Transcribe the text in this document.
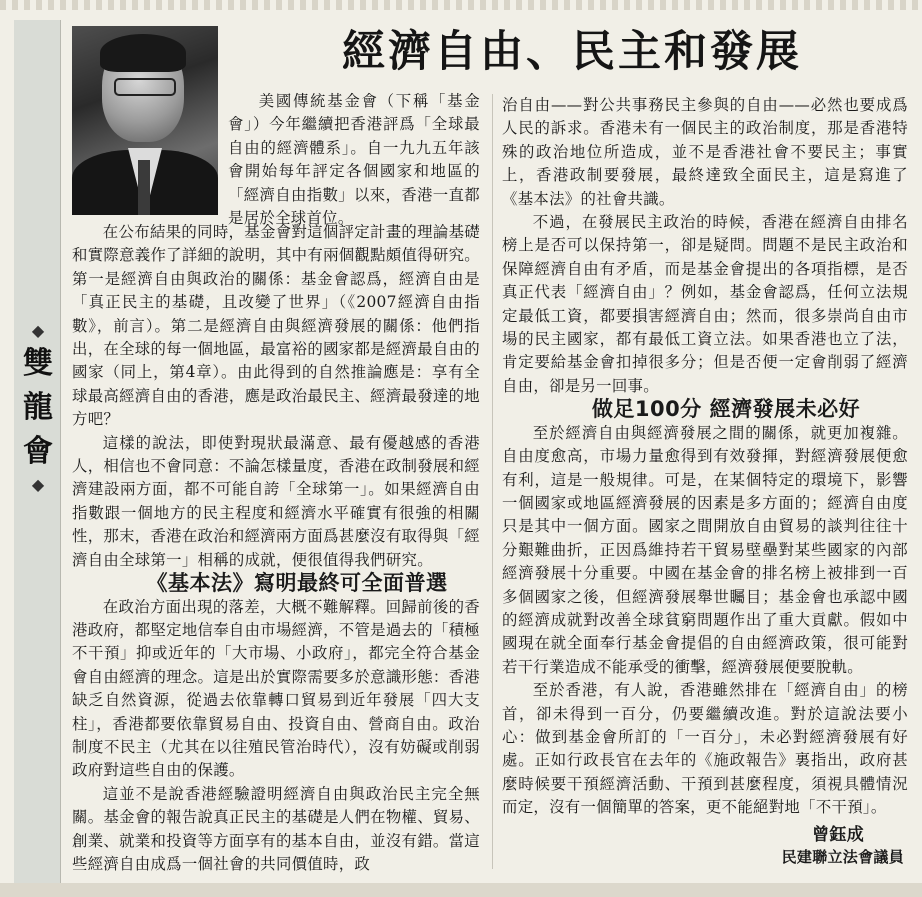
◆
雙
龍
會
◆
經濟自由、民主和發展

美國傳統基金會（下稱「基金會」）今年繼續把香港評爲「全球最自由的經濟體系」。自一九九五年該會開始每年評定各個國家和地區的「經濟自由指數」以來，香港一直都是居於全球首位。

在公布結果的同時，基金會對這個評定計畫的理論基礎和實際意義作了詳細的說明，其中有兩個觀點頗值得研究。第一是經濟自由與政治的關係：基金會認爲，經濟自由是「真正民主的基礎，且改變了世界」（《2007經濟自由指數》，前言）。第二是經濟自由與經濟發展的關係：他們指出，在全球的每一個地區，最富裕的國家都是經濟最自由的國家（同上，第4章）。由此得到的自然推論應是：享有全球最高經濟自由的香港，應是政治最民主、經濟最發達的地方吧？

這樣的說法，即使對現狀最滿意、最有優越感的香港人，相信也不會同意：不論怎樣量度，香港在政制發展和經濟建設兩方面，都不可能自誇「全球第一」。如果經濟自由指數跟一個地方的民主程度和經濟水平確實有很強的相關性，那末，香港在政治和經濟兩方面爲甚麼沒有取得與「經濟自由全球第一」相稱的成就，便很值得我們研究。

《基本法》寫明最終可全面普選

在政治方面出現的落差，大概不難解釋。回歸前後的香港政府，都堅定地信奉自由市場經濟，不管是過去的「積極不干預」抑或近年的「大市場、小政府」，都完全符合基金會自由經濟的理念。這是出於實際需要多於意識形態：香港缺乏自然資源，從過去依靠轉口貿易到近年發展「四大支柱」，香港都要依靠貿易自由、投資自由、營商自由。政治制度不民主（尤其在以往殖民管治時代），沒有妨礙或削弱政府對這些自由的保護。

這並不是說香港經驗證明經濟自由與政治民主完全無關。基金會的報告說真正民主的基礎是人們在物權、貿易、創業、就業和投資等方面享有的基本自由，並沒有錯。當這些經濟自由成爲一個社會的共同價值時，政

治自由——對公共事務民主參與的自由——必然也要成爲人民的訴求。香港未有一個民主的政治制度，那是香港特殊的政治地位所造成，並不是香港社會不要民主；事實上，香港政制要發展，最終達致全面民主，這是寫進了《基本法》的社會共識。

不過，在發展民主政治的時候，香港在經濟自由排名榜上是否可以保持第一，卻是疑問。問題不是民主政治和保障經濟自由有矛盾，而是基金會提出的各項指標，是否真正代表「經濟自由」？例如，基金會認爲，任何立法規定最低工資，都要損害經濟自由；然而，很多崇尚自由市場的民主國家，都有最低工資立法。如果香港也立了法，肯定要給基金會扣掉很多分；但是否便一定會削弱了經濟自由，卻是另一回事。

做足100分 經濟發展未必好

至於經濟自由與經濟發展之間的關係，就更加複雜。自由度愈高，市場力量愈得到有效發揮，對經濟發展便愈有利，這是一般規律。可是，在某個特定的環境下，影響一個國家或地區經濟發展的因素是多方面的；經濟自由度只是其中一個方面。國家之間開放自由貿易的談判往往十分艱難曲折，正因爲維持若干貿易壁壘對某些國家的內部經濟發展十分重要。中國在基金會的排名榜上被排到一百多個國家之後，但經濟發展舉世矚目；基金會也承認中國的經濟成就對改善全球貧窮問題作出了重大貢獻。假如中國現在就全面奉行基金會提倡的自由經濟政策，很可能對若干行業造成不能承受的衝擊，經濟發展便要脫軌。

至於香港，有人說，香港雖然排在「經濟自由」的榜首，卻未得到一百分，仍要繼續改進。對於這說法要小心：做到基金會所訂的「一百分」，未必對經濟發展有好處。正如行政長官在去年的《施政報告》裏指出，政府甚麼時候要干預經濟活動、干預到甚麼程度，須視具體情況而定，沒有一個簡單的答案，更不能絕對地「不干預」。

曾鈺成
民建聯立法會議員
